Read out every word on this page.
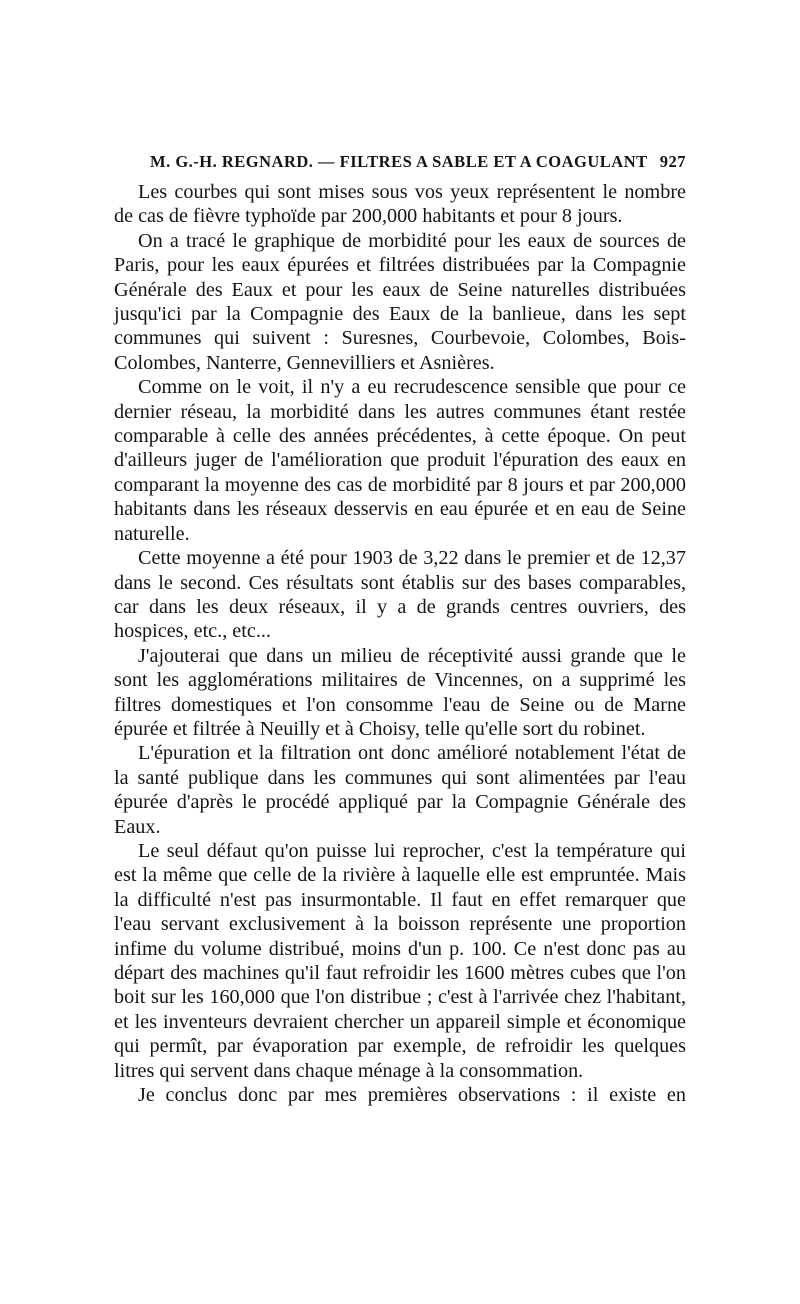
M. G.-H. REGNARD. — FILTRES A SABLE ET A COAGULANT 927

Les courbes qui sont mises sous vos yeux représentent le nombre de cas de fièvre typhoïde par 200,000 habitants et pour 8 jours.

On a tracé le graphique de morbidité pour les eaux de sources de Paris, pour les eaux épurées et filtrées distribuées par la Compagnie Générale des Eaux et pour les eaux de Seine naturelles distribuées jusqu'ici par la Compagnie des Eaux de la banlieue, dans les sept communes qui suivent : Suresnes, Courbevoie, Colombes, Bois-Colombes, Nanterre, Gennevilliers et Asnières.

Comme on le voit, il n'y a eu recrudescence sensible que pour ce dernier réseau, la morbidité dans les autres communes étant restée comparable à celle des années précédentes, à cette époque. On peut d'ailleurs juger de l'amélioration que produit l'épuration des eaux en comparant la moyenne des cas de morbidité par 8 jours et par 200,000 habitants dans les réseaux desservis en eau épurée et en eau de Seine naturelle.

Cette moyenne a été pour 1903 de 3,22 dans le premier et de 12,37 dans le second. Ces résultats sont établis sur des bases comparables, car dans les deux réseaux, il y a de grands centres ouvriers, des hospices, etc., etc...

J'ajouterai que dans un milieu de réceptivité aussi grande que le sont les agglomérations militaires de Vincennes, on a supprimé les filtres domestiques et l'on consomme l'eau de Seine ou de Marne épurée et filtrée à Neuilly et à Choisy, telle qu'elle sort du robinet.

L'épuration et la filtration ont donc amélioré notablement l'état de la santé publique dans les communes qui sont alimentées par l'eau épurée d'après le procédé appliqué par la Compagnie Générale des Eaux.

Le seul défaut qu'on puisse lui reprocher, c'est la température qui est la même que celle de la rivière à laquelle elle est empruntée. Mais la difficulté n'est pas insurmontable. Il faut en effet remarquer que l'eau servant exclusivement à la boisson représente une proportion infime du volume distribué, moins d'un p. 100. Ce n'est donc pas au départ des machines qu'il faut refroidir les 1600 mètres cubes que l'on boit sur les 160,000 que l'on distribue ; c'est à l'arrivée chez l'habitant, et les inventeurs devraient chercher un appareil simple et économique qui permît, par évaporation par exemple, de refroidir les quelques litres qui servent dans chaque ménage à la consommation.

Je conclus donc par mes premières observations : il existe en
